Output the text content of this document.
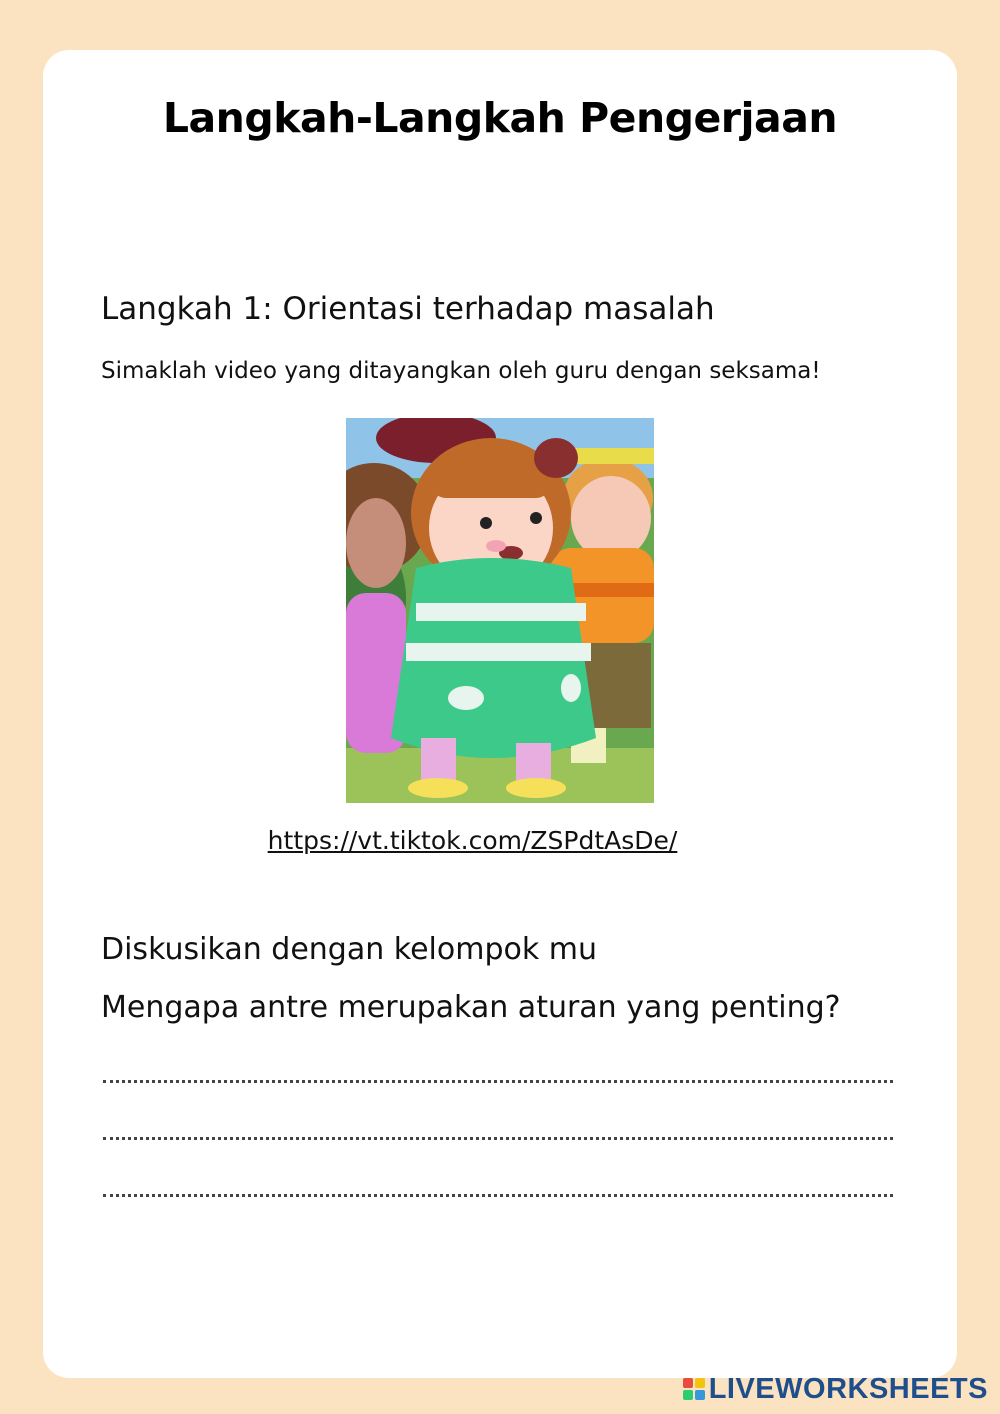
Langkah-Langkah Pengerjaan

Langkah 1: Orientasi terhadap masalah

Simaklah video yang ditayangkan oleh guru dengan seksama!

https://vt.tiktok.com/ZSPdtAsDe/

Diskusikan dengan kelompok mu

Mengapa antre merupakan aturan yang penting?

LIVEWORKSHEETS
